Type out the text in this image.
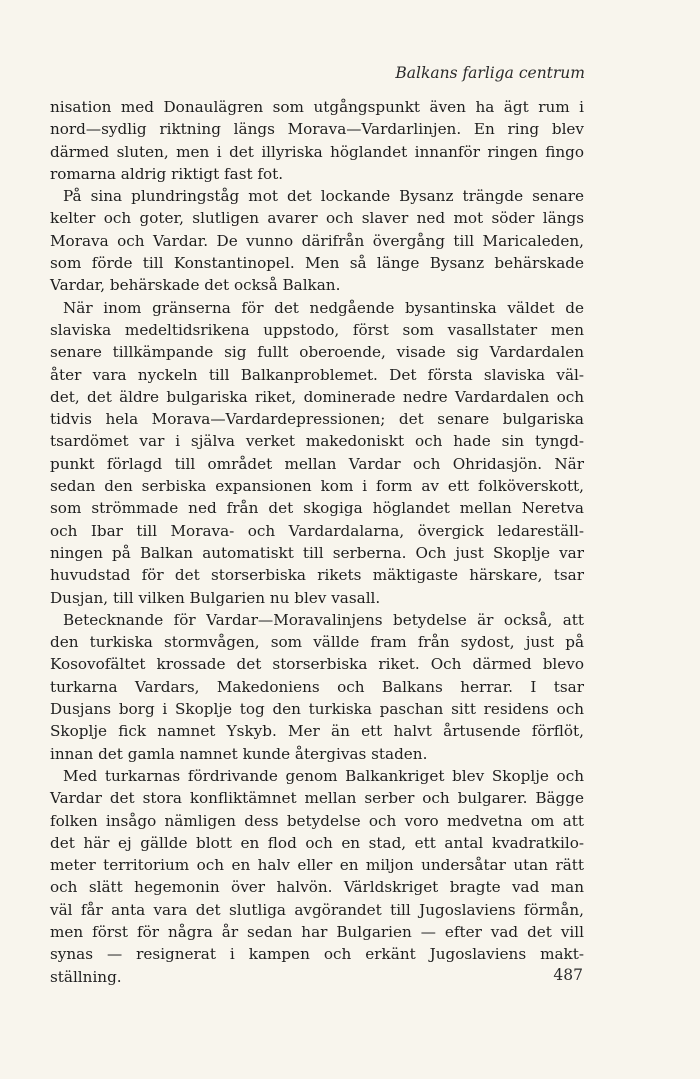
Balkans farliga centrum
nisation med Donaulägren som utgångspunkt även ha ägt rum i
nord—sydlig riktning längs Morava—Vardarlinjen. En ring blev
därmed sluten, men i det illyriska höglandet innanför ringen fingo
romarna aldrig riktigt fast fot.
På sina plundringståg mot det lockande Bysanz trängde senare
kelter och goter, slutligen avarer och slaver ned mot söder längs
Morava och Vardar. De vunno därifrån övergång till Maricaleden,
som förde till Konstantinopel. Men så länge Bysanz behärskade
Vardar, behärskade det också Balkan.
När inom gränserna för det nedgående bysantinska väldet de
slaviska medeltidsrikena uppstodo, först som vasallstater men
senare tillkämpande sig fullt oberoende, visade sig Vardardalen
åter vara nyckeln till Balkanproblemet. Det första slaviska väl-
det, det äldre bulgariska riket, dominerade nedre Vardardalen och
tidvis hela Morava—Vardardepressionen; det senare bulgariska
tsardömet var i själva verket makedoniskt och hade sin tyngd-
punkt förlagd till området mellan Vardar och Ohridasjön. När
sedan den serbiska expansionen kom i form av ett folköverskott,
som strömmade ned från det skogiga höglandet mellan Neretva
och Ibar till Morava- och Vardardalarna, övergick ledareställ-
ningen på Balkan automatiskt till serberna. Och just Skoplje var
huvudstad för det storserbiska rikets mäktigaste härskare, tsar
Dusjan, till vilken Bulgarien nu blev vasall.
Betecknande för Vardar—Moravalinjens betydelse är också, att
den turkiska stormvågen, som vällde fram från sydost, just på
Kosovofältet krossade det storserbiska riket. Och därmed blevo
turkarna Vardars, Makedoniens och Balkans herrar. I tsar
Dusjans borg i Skoplje tog den turkiska paschan sitt residens och
Skoplje fick namnet Yskyb. Mer än ett halvt årtusende förflöt,
innan det gamla namnet kunde återgivas staden.
Med turkarnas fördrivande genom Balkankriget blev Skoplje och
Vardar det stora konfliktämnet mellan serber och bulgarer. Bägge
folken insågo nämligen dess betydelse och voro medvetna om att
det här ej gällde blott en flod och en stad, ett antal kvadratkilo-
meter territorium och en halv eller en miljon undersåtar utan rätt
och slätt hegemonin över halvön. Världskriget bragte vad man
väl får anta vara det slutliga avgörandet till Jugoslaviens förmån,
men först för några år sedan har Bulgarien — efter vad det vill
synas — resignerat i kampen och erkänt Jugoslaviens makt-
ställning.	487
